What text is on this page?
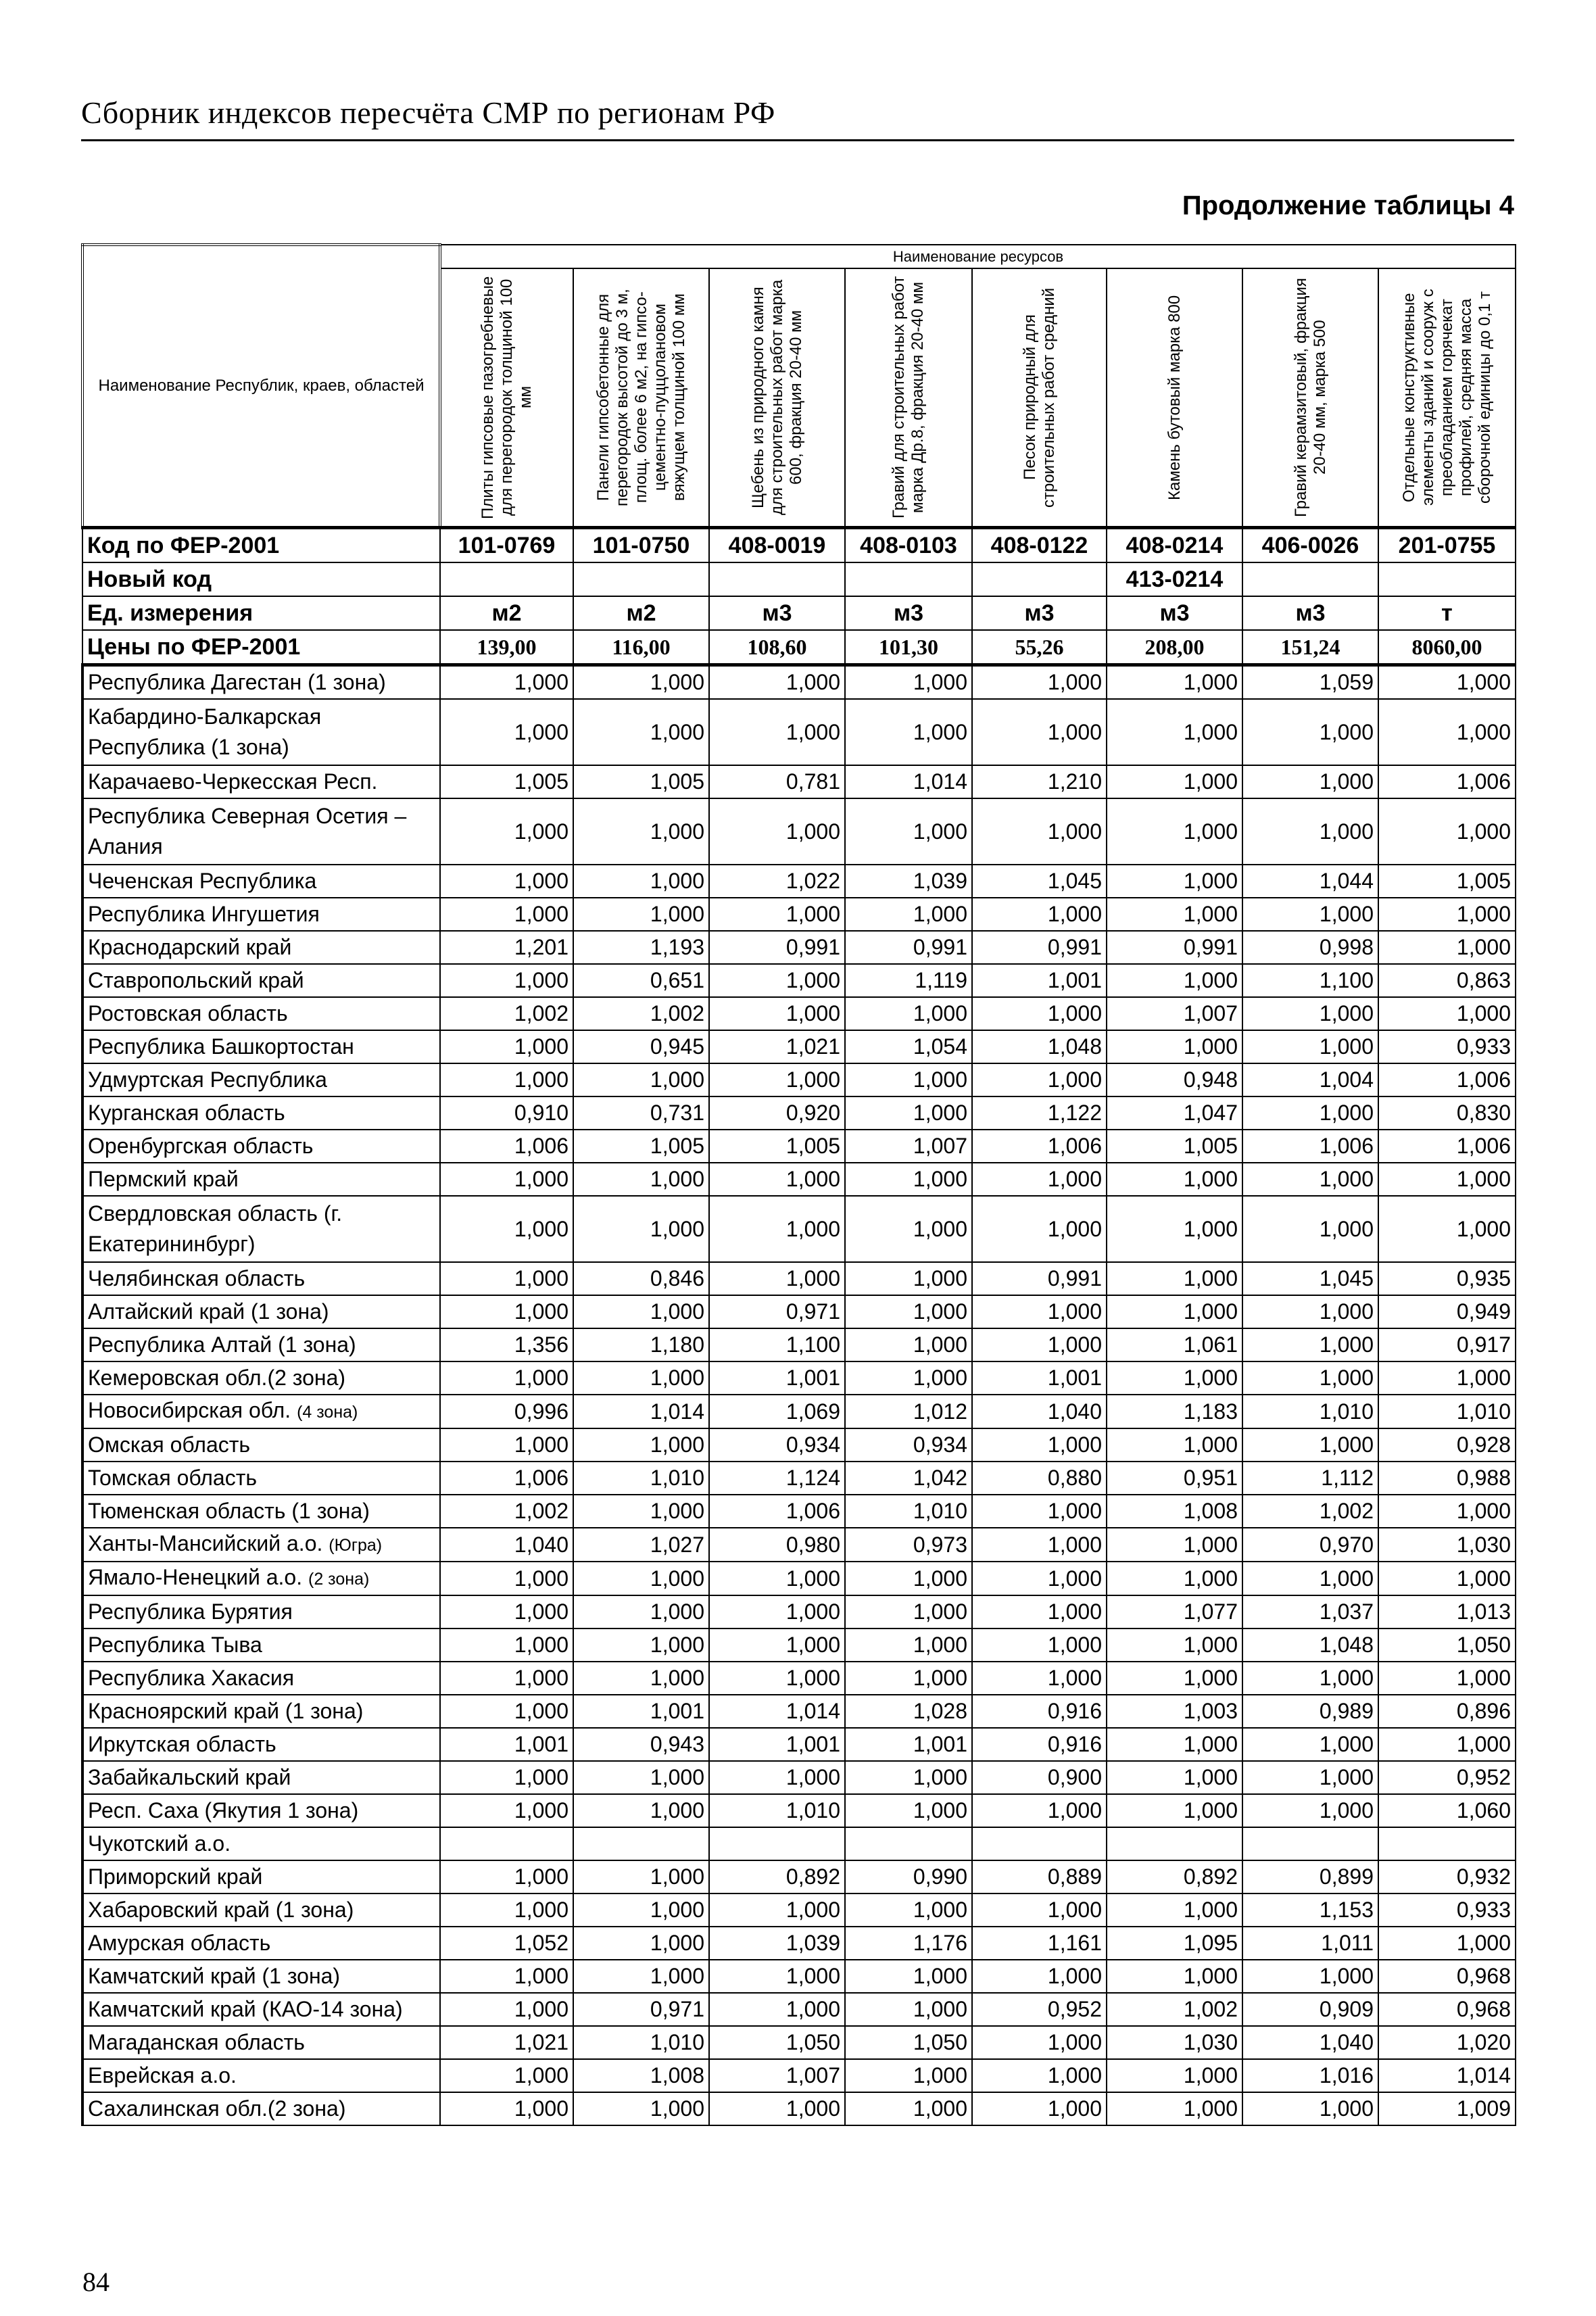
Сборник индексов пересчёта СМР по регионам РФ
Продолжение таблицы 4
Наименование Республик, краев, областей	Наименование ресурсов							

	Плиты гипсовые пазогребневые для перегородок толщиной 100 мм	Панели гипсобетонные для перегородок высотой до 3 м, площ. более 6 м2, на гипсо-цементно-пуццолановом вяжущем толщиной 100 мм	Щебень из природного камня для строительных работ марка 600, фракция 20-40 мм	Гравий для строительных работ марка Др.8, фракция 20-40 мм	Песок природный для строительных работ средний	Камень бутовый марка 800	Гравий керамзитовый, фракция 20-40 мм, марка 500	Отдельные конструктивные элементы зданий и сооруж с преобладанием горячекат профилей, средняя масса сборочной единицы до 0,1 т

Код по ФЕР-2001	101-0769	101-0750	408-0019	408-0103	408-0122	408-0214	406-0026	201-0755
Новый код						413-0214		
Ед. измерения	м2	м2	м3	м3	м3	м3	м3	т
Цены по ФЕР-2001	139,00	116,00	108,60	101,30	55,26	208,00	151,24	8060,00
Республика Дагестан (1 зона)	1,000	1,000	1,000	1,000	1,000	1,000	1,059	1,000
Кабардино-Балкарская Республика (1 зона)	1,000	1,000	1,000	1,000	1,000	1,000	1,000	1,000
Карачаево-Черкесская Респ.	1,005	1,005	0,781	1,014	1,210	1,000	1,000	1,006
Республика Северная Осетия – Алания	1,000	1,000	1,000	1,000	1,000	1,000	1,000	1,000
Чеченская Республика	1,000	1,000	1,022	1,039	1,045	1,000	1,044	1,005
Республика Ингушетия	1,000	1,000	1,000	1,000	1,000	1,000	1,000	1,000
Краснодарский край	1,201	1,193	0,991	0,991	0,991	0,991	0,998	1,000
Ставропольский край	1,000	0,651	1,000	1,119	1,001	1,000	1,100	0,863
Ростовская область	1,002	1,002	1,000	1,000	1,000	1,007	1,000	1,000
Республика Башкортостан	1,000	0,945	1,021	1,054	1,048	1,000	1,000	0,933
Удмуртская Республика	1,000	1,000	1,000	1,000	1,000	0,948	1,004	1,006
Курганская область	0,910	0,731	0,920	1,000	1,122	1,047	1,000	0,830
Оренбургская область	1,006	1,005	1,005	1,007	1,006	1,005	1,006	1,006
Пермский край	1,000	1,000	1,000	1,000	1,000	1,000	1,000	1,000
Свердловская область (г. Екатерининбург)	1,000	1,000	1,000	1,000	1,000	1,000	1,000	1,000
Челябинская область	1,000	0,846	1,000	1,000	0,991	1,000	1,045	0,935
Алтайский край (1 зона)	1,000	1,000	0,971	1,000	1,000	1,000	1,000	0,949
Республика Алтай (1 зона)	1,356	1,180	1,100	1,000	1,000	1,061	1,000	0,917
Кемеровская обл.(2 зона)	1,000	1,000	1,001	1,000	1,001	1,000	1,000	1,000
Новосибирская обл. (4 зона)	0,996	1,014	1,069	1,012	1,040	1,183	1,010	1,010
Омская область	1,000	1,000	0,934	0,934	1,000	1,000	1,000	0,928
Томская область	1,006	1,010	1,124	1,042	0,880	0,951	1,112	0,988
Тюменская область (1 зона)	1,002	1,000	1,006	1,010	1,000	1,008	1,002	1,000
Ханты-Мансийский а.о. (Югра)	1,040	1,027	0,980	0,973	1,000	1,000	0,970	1,030
Ямало-Ненецкий а.о. (2 зона)	1,000	1,000	1,000	1,000	1,000	1,000	1,000	1,000
Республика Бурятия	1,000	1,000	1,000	1,000	1,000	1,077	1,037	1,013
Республика Тыва	1,000	1,000	1,000	1,000	1,000	1,000	1,048	1,050
Республика Хакасия	1,000	1,000	1,000	1,000	1,000	1,000	1,000	1,000
Красноярский край (1 зона)	1,000	1,001	1,014	1,028	0,916	1,003	0,989	0,896
Иркутская область	1,001	0,943	1,001	1,001	0,916	1,000	1,000	1,000
Забайкальский край	1,000	1,000	1,000	1,000	0,900	1,000	1,000	0,952
Респ. Саха (Якутия 1 зона)	1,000	1,000	1,010	1,000	1,000	1,000	1,000	1,060
Чукотский а.о.								
Приморский край	1,000	1,000	0,892	0,990	0,889	0,892	0,899	0,932
Хабаровский край (1 зона)	1,000	1,000	1,000	1,000	1,000	1,000	1,153	0,933
Амурская область	1,052	1,000	1,039	1,176	1,161	1,095	1,011	1,000
Камчатский край (1 зона)	1,000	1,000	1,000	1,000	1,000	1,000	1,000	0,968
Камчатский край (КАО-14 зона)	1,000	0,971	1,000	1,000	0,952	1,002	0,909	0,968
Магаданская область	1,021	1,010	1,050	1,050	1,000	1,030	1,040	1,020
Еврейская а.о.	1,000	1,008	1,007	1,000	1,000	1,000	1,016	1,014
Сахалинская обл.(2 зона)	1,000	1,000	1,000	1,000	1,000	1,000	1,000	1,009
84
